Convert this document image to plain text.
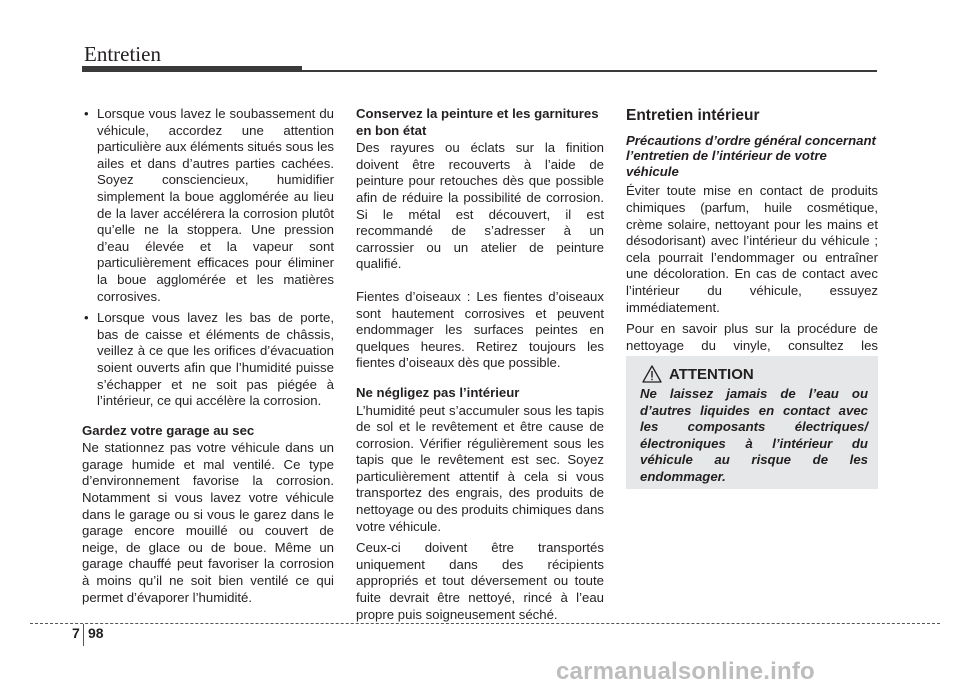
Entretien
• Lorsque vous lavez le soubassement du véhicule, accordez une attention particulière aux éléments situés sous les ailes et dans d’autres parties cachées. Soyez consciencieux, humidifier simplement la boue agglomérée au lieu de la laver accélérera la corrosion plutôt qu’elle ne la stoppera. Une pression d’eau élevée et la vapeur sont particulièrement efficaces pour éliminer la boue agglomérée et les matières corrosives.
• Lorsque vous lavez les bas de porte, bas de caisse et éléments de châssis, veillez à ce que les orifices d’évacuation soient ouverts afin que l’humidité puisse s’échapper et ne soit pas piégée à l’intérieur, ce qui accélère la corrosion.
Gardez votre garage au sec

Ne stationnez pas votre véhicule dans un garage humide et mal ventilé. Ce type d’environnement favorise la corrosion. Notamment si vous lavez votre véhicule dans le garage ou si vous le garez dans le garage encore mouillé ou couvert de neige, de glace ou de boue. Même un garage chauffé peut favoriser la corrosion à moins qu’il ne soit bien ventilé ce qui permet d’évaporer l’humidité.

Conservez la peinture et les garnitures en bon état

Des rayures ou éclats sur la finition doivent être recouverts à l’aide de peinture pour retouches dès que possible afin de réduire la possibilité de corrosion. Si le métal est découvert, il est recommandé de s’adresser à un carrossier ou un atelier de peinture qualifié.

Fientes d’oiseaux : Les fientes d’oiseaux sont hautement corrosives et peuvent endommager les surfaces peintes en quelques heures. Retirez toujours les fientes d’oiseaux dès que possible.

Ne négligez pas l’intérieur

L’humidité peut s’accumuler sous les tapis de sol et le revêtement et être cause de corrosion. Vérifier régulièrement sous les tapis que le revêtement est sec. Soyez particulièrement attentif à cela si vous transportez des engrais, des produits de nettoyage ou des produits chimiques dans votre véhicule.

Ceux-ci doivent être transportés uniquement dans des récipients appropriés et tout déversement ou toute fuite devrait être nettoyé, rincé à l’eau propre puis soigneusement séché.

Entretien intérieur
Précautions d’ordre général concernant l’entretien de l’intérieur de votre véhicule

Éviter toute mise en contact de produits chimiques (parfum, huile cosmétique, crème solaire, nettoyant pour les mains et désodorisant) avec l’intérieur du véhicule ; cela pourrait l’endommager ou entraîner une décoloration. En cas de contact avec l’intérieur du véhicule, essuyez immédiatement.

Pour en savoir plus sur la procédure de nettoyage du vinyle, consultez les

ATTENTION
Ne laissez jamais de l’eau ou d’autres liquides en contact avec les composants électriques/électroniques à l’intérieur du véhicule au risque de les endommager.
7 98
carmanualsonline.info
